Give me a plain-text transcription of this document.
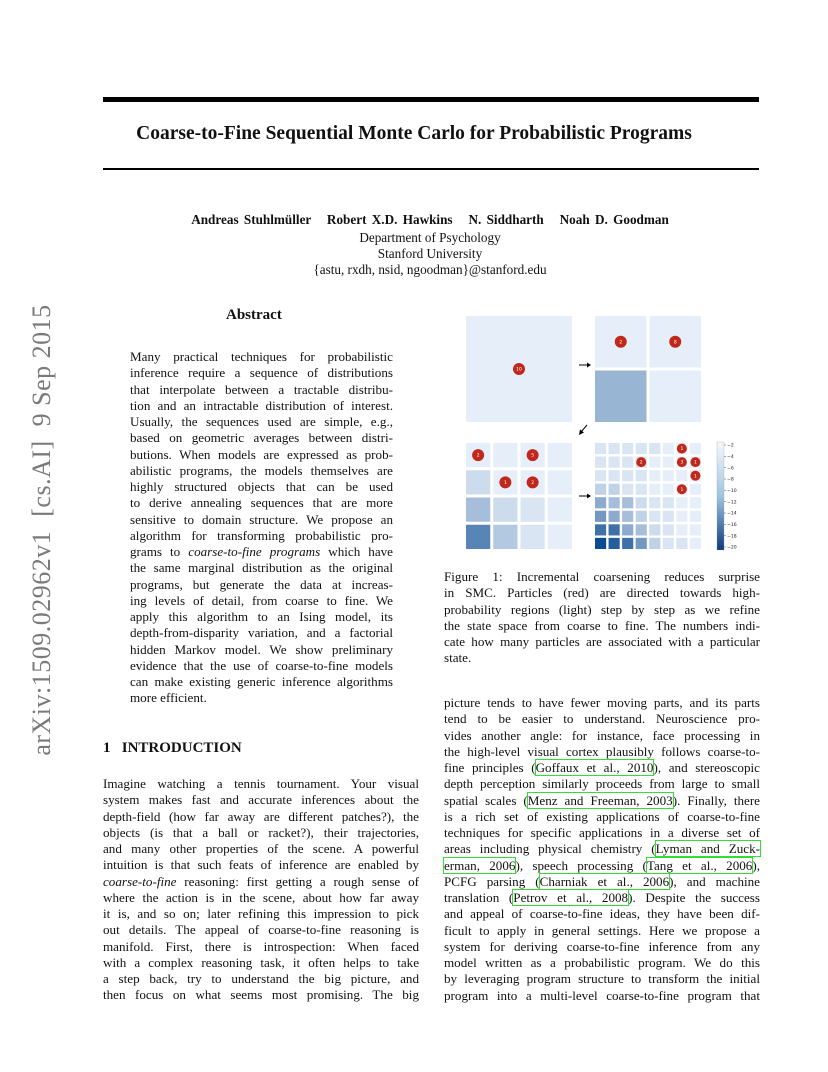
Coarse-to-Fine Sequential Monte Carlo for Probabilistic Programs
Andreas Stuhlmüller   Robert X.D. Hawkins   N. Siddharth   Noah D. Goodman
Department of Psychology
Stanford University
{astu, rxdh, nsid, ngoodman}@stanford.edu
arXiv:1509.02962v1  [cs.AI]  9 Sep 2015	Abstract
Many practical techniques for probabilistic
inference require a sequence of distributions
that interpolate between a tractable distribu-
tion and an intractable distribution of interest.
Usually, the sequences used are simple, e.g.,
based on geometric averages between distri-
butions. When models are expressed as prob-
abilistic programs, the models themselves are
highly structured objects that can be used
to derive annealing sequences that are more
sensitive to domain structure. We propose an
algorithm for transforming probabilistic pro-
grams to coarse-to-fine programs which have
the same marginal distribution as the original
programs, but generate the data at increas-
ing levels of detail, from coarse to fine. We
apply this algorithm to an Ising model, its
depth-from-disparity variation, and a factorial
hidden Markov model. We show preliminary
evidence that the use of coarse-to-fine models
can make existing generic inference algorithms
more efficient.
1   INTRODUCTION
Imagine watching a tennis tournament. Your visual
system makes fast and accurate inferences about the
depth-field (how far away are different patches?), the
objects (is that a ball or racket?), their trajectories,
and many other properties of the scene. A powerful
intuition is that such feats of inference are enabled by
coarse-to-fine reasoning: first getting a rough sense of
where the action is in the scene, about how far away
it is, and so on; later refining this impression to pick
out details. The appeal of coarse-to-fine reasoning is
manifold. First, there is introspection: When faced
with a complex reasoning task, it often helps to take
a step back, try to understand the big picture, and
then focus on what seems most promising. The big
10
2	8
2	5
1	2
1
2	3 1
1
1
−2
−4
−6
−8
−10
−12
−14
−16
−18
−20
Figure 1: Incremental coarsening reduces surprise
in SMC. Particles (red) are directed towards high-
probability regions (light) step by step as we refine
the state space from coarse to fine. The numbers indi-
cate how many particles are associated with a particular
state.
picture tends to have fewer moving parts, and its parts
tend to be easier to understand. Neuroscience pro-
vides another angle: for instance, face processing in
the high-level visual cortex plausibly follows coarse-to-
fine principles (Goffaux et al., 2010), and stereoscopic
depth perception similarly proceeds from large to small
spatial scales (Menz and Freeman, 2003). Finally, there
is a rich set of existing applications of coarse-to-fine
techniques for specific applications in a diverse set of
areas including physical chemistry (Lyman and Zuck-
erman, 2006), speech processing (Tang et al., 2006),
PCFG parsing (Charniak et al., 2006), and machine
translation (Petrov et al., 2008). Despite the success
and appeal of coarse-to-fine ideas, they have been dif-
ficult to apply in general settings. Here we propose a
system for deriving coarse-to-fine inference from any
model written as a probabilistic program. We do this
by leveraging program structure to transform the initial
program into a multi-level coarse-to-fine program that
